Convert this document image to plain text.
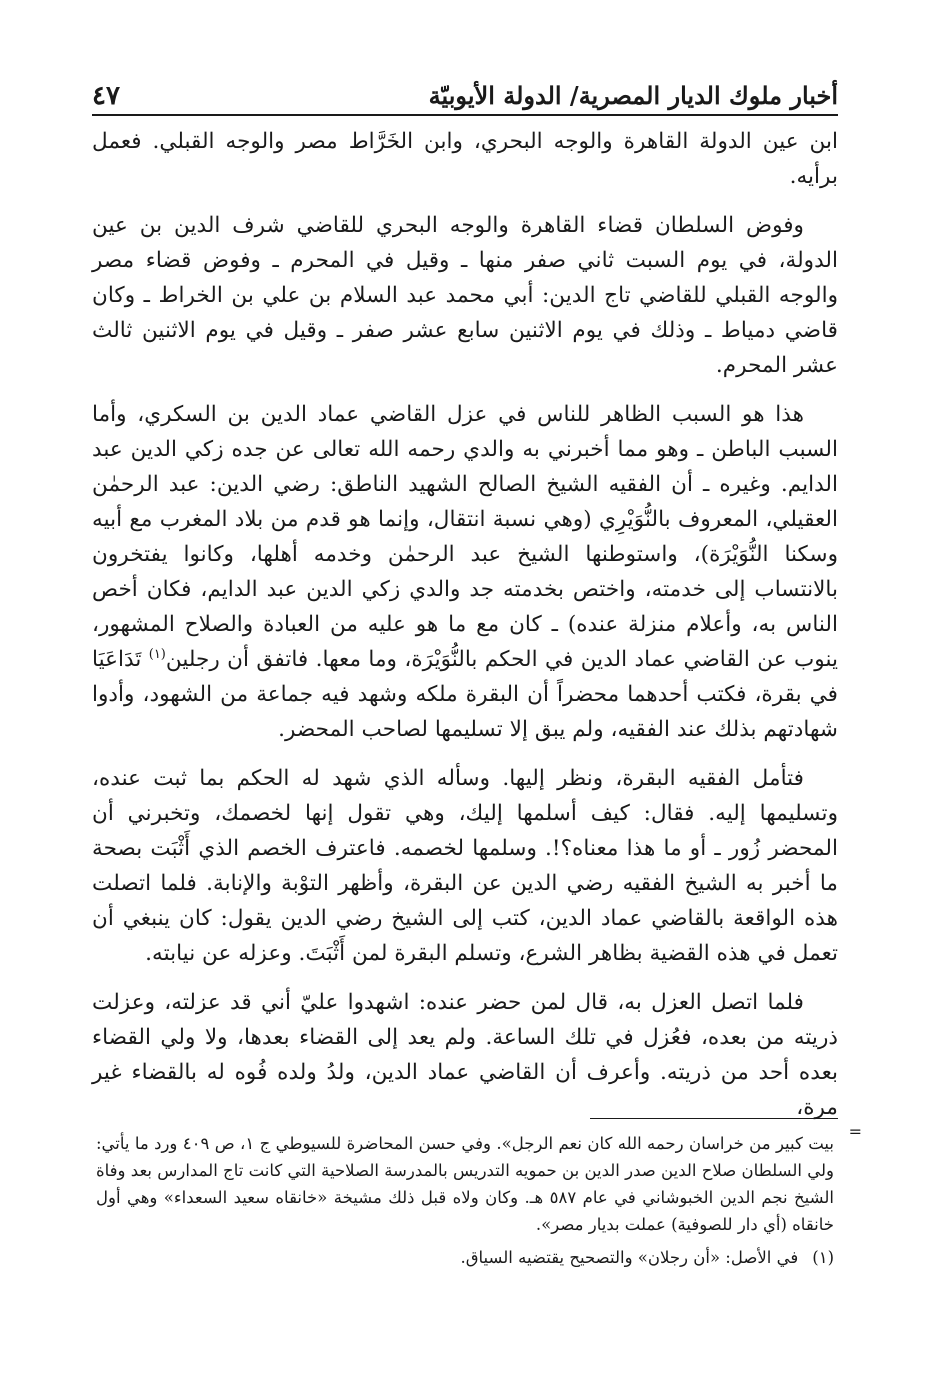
أخبار ملوك الديار المصرية/ الدولة الأيوبيّة
٤٧

ابن عين الدولة القاهرة والوجه البحري، وابن الخَرَّاط مصر والوجه القبلي. فعمل برأيه.

وفوض السلطان قضاء القاهرة والوجه البحري للقاضي شرف الدين بن عين الدولة، في يوم السبت ثاني صفر منها ـ وقيل في المحرم ـ وفوض قضاء مصر والوجه القبلي للقاضي تاج الدين: أبي محمد عبد السلام بن علي بن الخراط ـ وكان قاضي دمياط ـ وذلك في يوم الاثنين سابع عشر صفر ـ وقيل في يوم الاثنين ثالث عشر المحرم.

هذا هو السبب الظاهر للناس في عزل القاضي عماد الدين بن السكري، وأما السبب الباطن ـ وهو مما أخبرني به والدي رحمه الله تعالى عن جده زكي الدين عبد الدايم. وغيره ـ أن الفقيه الشيخ الصالح الشهيد الناطق: رضي الدين: عبد الرحمٰن العقيلي، المعروف بالنُّوَيْرِي (وهي نسبة انتقال، وإنما هو قدم من بلاد المغرب مع أبيه وسكنا النُّوَيْرَة)، واستوطنها الشيخ عبد الرحمٰن وخدمه أهلها، وكانوا يفتخرون بالانتساب إلى خدمته، واختص بخدمته جد والدي زكي الدين عبد الدايم، فكان أخص الناس به، وأعلام منزلة عنده) ـ كان مع ما هو عليه من العبادة والصلاح المشهور، ينوب عن القاضي عماد الدين في الحكم بالنُّوَيْرَة، وما معها. فاتفق أن رجلين$^{(١)}$ تَدَاعَيَا في بقرة، فكتب أحدهما محضراً أن البقرة ملكه وشهد فيه جماعة من الشهود، وأدوا شهادتهم بذلك عند الفقيه، ولم يبق إلا تسليمها لصاحب المحضر.

فتأمل الفقيه البقرة، ونظر إليها. وسأله الذي شهد له الحكم بما ثبت عنده، وتسليمها إليه. فقال: كيف أسلمها إليك، وهي تقول إنها لخصمك، وتخبرني أن المحضر زُور ـ أو ما هذا معناه؟!. وسلمها لخصمه. فاعترف الخصم الذي أَثْبَت بصحة ما أخبر به الشيخ الفقيه رضي الدين عن البقرة، وأظهر التوْبة والإنابة. فلما اتصلت هذه الواقعة بالقاضي عماد الدين، كتب إلى الشيخ رضي الدين يقول: كان ينبغي أن تعمل في هذه القضية بظاهر الشرع، وتسلم البقرة لمن أَثْبَتَ. وعزله عن نيابته.

فلما اتصل العزل به، قال لمن حضر عنده: اشهدوا عليّ أني قد عزلته، وعزلت ذريته من بعده، فعُزل في تلك الساعة. ولم يعد إلى القضاء بعدها، ولا ولي القضاء بعده أحد من ذريته. وأعرف أن القاضي عماد الدين، ولدُ ولده فُوه له بالقضاء غير مرة،

=

بيت كبير من خراسان رحمه الله كان نعم الرجل». وفي حسن المحاضرة للسيوطي ج ١، ص ٤٠٩ ورد ما يأتي: ولي السلطان صلاح الدين صدر الدين بن حمويه التدريس بالمدرسة الصلاحية التي كانت تاج المدارس بعد وفاة الشيخ نجم الدين الخبوشاني في عام ٥٨٧ هـ. وكان ولاه قبل ذلك مشيخة «خانقاه سعيد السعداء» وهي أول خانقاه (أي دار للصوفية) عملت بديار مصر».

(١)
في الأصل: «أن رجلان» والتصحيح يقتضيه السياق.
